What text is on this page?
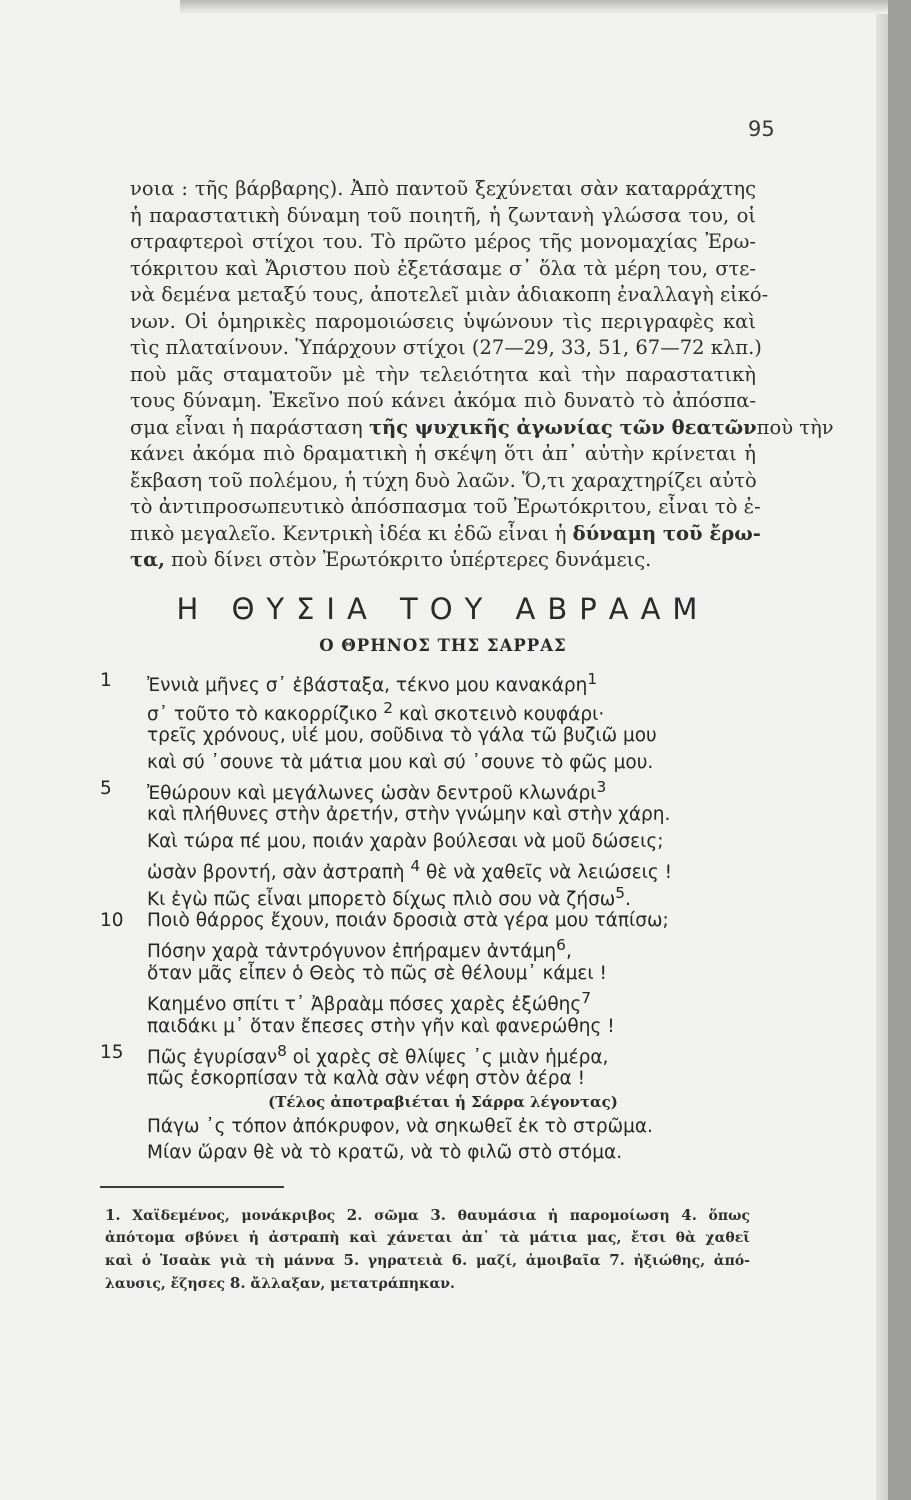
95
νοια : τῆς βάρβαρης). Ἀπὸ παντοῦ ξεχύνεται σὰν καταρράχτης
ἡ παραστατικὴ δύναμη τοῦ ποιητῆ, ἡ ζωντανὴ γλώσσα του, οἱ
στραφτεροὶ στίχοι του. Τὸ πρῶτο μέρος τῆς μονομαχίας Ἐρω-
τόκριτου καὶ Ἄριστου ποὺ ἐξετάσαμε σ᾽ ὅλα τὰ μέρη του, στε-
νὰ δεμένα μεταξύ τους, ἀποτελεῖ μιὰν ἀδιακοπη ἐναλλαγὴ εἰκό-
νων. Οἱ ὁμηρικὲς παρομοιώσεις ὑψώνουν τὶς περιγραφὲς καὶ
τὶς πλαταίνουν. Ὑπάρχουν στίχοι (27—29, 33, 51, 67—72 κλπ.)
ποὺ μᾶς σταματοῦν μὲ τὴν τελειότητα καὶ τὴν παραστατικὴ
τους δύναμη. Ἐκεῖνο πού κάνει ἀκόμα πιὸ δυνατὸ τὸ ἀπόσπα-
σμα εἶναι ἡ παράσταση τῆς ψυχικῆς ἀγωνίας τῶν θεατῶνποὺ τὴν
κάνει ἀκόμα πιὸ δραματικὴ ἡ σκέψη ὅτι ἀπ᾽ αὐτὴν κρίνεται ἡ
ἔκβαση τοῦ πολέμου, ἡ τύχη δυὸ λαῶν. Ὅ,τι χαραχτηρίζει αὐτὸ
τὸ ἀντιπροσωπευτικὸ ἀπόσπασμα τοῦ Ἐρωτόκριτου, εἶναι τὸ ἐ-
πικὸ μεγαλεῖο. Κεντρικὴ ἰδέα κι ἐδῶ εἶναι ἡ δύναμη τοῦ ἔρω-
τα, ποὺ δίνει στὸν Ἐρωτόκριτο ὑπέρτερες δυνάμεις.
Η ΘΥΣΙΑ ΤΟΥ ΑΒΡΑΑΜ
Ο ΘΡΗΝΟΣ ΤΗΣ ΣΑΡΡΑΣ
1	Ἐννιὰ μῆνες σ᾽ ἐβάσταξα, τέκνο μου κανακάρη$^1$
σ᾽ τοῦτο τὸ κακορρίζικο $^2$ καὶ σκοτεινὸ κουφάρι·
τρεῖς χρόνους, υἱέ μου, σοῦδινα τὸ γάλα τῶ βυζιῶ μου
καὶ σύ ᾽σουνε τὰ μάτια μου καὶ σύ ᾽σουνε τὸ φῶς μου.
5	Ἐθώρουν καὶ μεγάλωνες ὡσὰν δεντροῦ κλωνάρι$^3$
καὶ πλήθυνες στὴν ἀρετήν, στὴν γνώμην καὶ στὴν χάρη.
Καὶ τώρα πέ μου, ποιάν χαρὰν βούλεσαι νὰ μοῦ δώσεις;
ὡσὰν βροντή, σὰν ἀστραπὴ $^4$ θὲ νὰ χαθεῖς νὰ λειώσεις !
Κι ἐγὼ πῶς εἶναι μπορετὸ δίχως πλιὸ σου νὰ ζήσω$^5$.
10	Ποιὸ θάρρος ἔχουν, ποιάν δροσιὰ στὰ γέρα μου τάπίσω;
Πόσην χαρὰ τἀντρόγυνον ἐπήραμεν ἀντάμη$^6$,
ὅταν μᾶς εἶπεν ὁ Θεὸς τὸ πῶς σὲ θέλουμ᾽ κάμει !
Καημένο σπίτι τ᾽ Ἀβραὰμ πόσες χαρὲς ἐξώθης$^7$
παιδάκι μ᾽ ὅταν ἔπεσες στὴν γῆν καὶ φανερώθης !
15	Πῶς ἐγυρίσαν$^8$ οἱ χαρὲς σὲ θλίψες ᾽ς μιὰν ἡμέρα,
πῶς ἐσκορπίσαν τὰ καλὰ σὰν νέφη στὸν ἀέρα !
Πάγω ᾽ς τόπον ἀπόκρυφον, νὰ σηκωθεῖ ἐκ τὸ στρῶμα.
Μίαν ὥραν θὲ νὰ τὸ κρατῶ, νὰ τὸ φιλῶ στὸ στόμα.
(Τέλος ἀποτραβιέται ἡ Σάρρα λέγοντας)
1. Χαϊδεμένος, μονάκριβος 2. σῶμα 3. θαυμάσια ἡ παρομοίωση 4. ὅπως
ἀπότομα σβύνει ἡ ἀστραπὴ καὶ χάνεται ἀπ᾽ τὰ μάτια μας, ἔτσι θὰ χαθεῖ
καὶ ὁ Ἰσαὰκ γιὰ τὴ μάννα 5. γηρατειὰ 6. μαζί, ἀμοιβαῖα 7. ἠξιώθης, ἀπό-
λαυσις, ἔζησες 8. ἄλλαξαν, μετατράπηκαν.
